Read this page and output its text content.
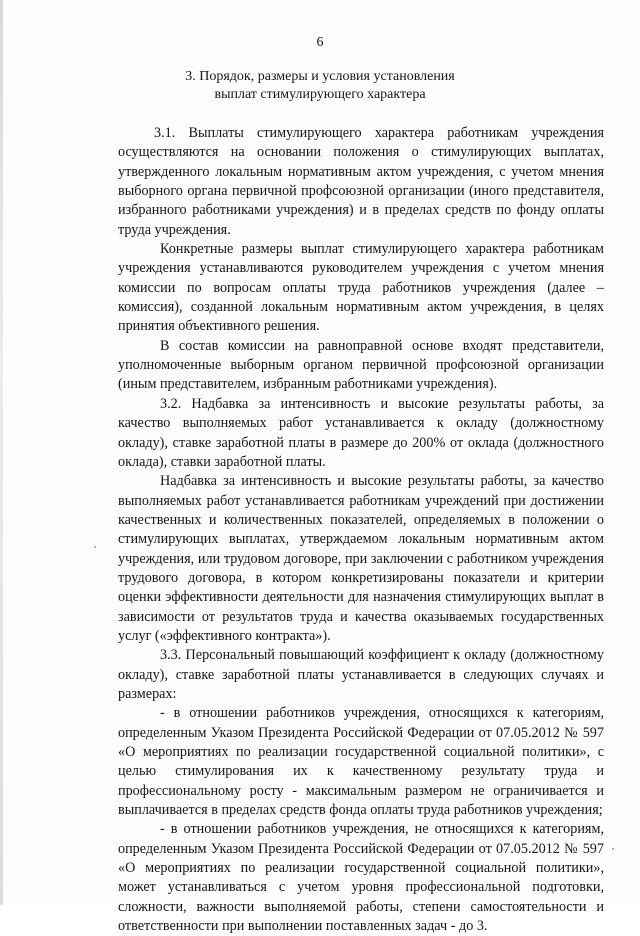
6
3. Порядок, размеры и условия установления
выплат стимулирующего характера

3.1. Выплаты стимулирующего характера работникам учреждения осуществляются на основании положения о стимулирующих выплатах, утвержденного локальным нормативным актом учреждения, с учетом мнения выборного органа первичной профсоюзной организации (иного представителя, избранного работниками учреждения) и в пределах средств по фонду оплаты труда учреждения.

Конкретные размеры выплат стимулирующего характера работникам учреждения устанавливаются руководителем учреждения с учетом мнения комиссии по вопросам оплаты труда работников учреждения (далее – комиссия), созданной локальным нормативным актом учреждения, в целях принятия объективного решения.

В состав комиссии на равноправной основе входят представители, уполномоченные выборным органом первичной профсоюзной организации (иным представителем, избранным работниками учреждения).

3.2. Надбавка за интенсивность и высокие результаты работы, за качество выполняемых работ устанавливается к окладу (должностному окладу), ставке заработной платы в размере до 200% от оклада (должностного оклада), ставки заработной платы.

Надбавка за интенсивность и высокие результаты работы, за качество выполняемых работ устанавливается работникам учреждений при достижении качественных и количественных показателей, определяемых в положении о стимулирующих выплатах, утверждаемом локальным нормативным актом учреждения, или трудовом договоре, при заключении с работником учреждения трудового договора, в котором конкретизированы показатели и критерии оценки эффективности деятельности для назначения стимулирующих выплат в зависимости от результатов труда и качества оказываемых государственных услуг («эффективного контракта»).

3.3. Персональный повышающий коэффициент к окладу (должностному окладу), ставке заработной платы устанавливается в следующих случаях и размерах:

- в отношении работников учреждения, относящихся к категориям, определенным Указом Президента Российской Федерации от 07.05.2012 № 597 «О мероприятиях по реализации государственной социальной политики», с целью стимулирования их к качественному результату труда и профессиональному росту - максимальным размером не ограничивается и выплачивается в пределах средств фонда оплаты труда работников учреждения;

- в отношении работников учреждения, не относящихся к категориям, определенным Указом Президента Российской Федерации от 07.05.2012 № 597 «О мероприятиях по реализации государственной социальной политики», может устанавливаться с учетом уровня профессиональной подготовки, сложности, важности выполняемой работы, степени самостоятельности и ответственности при выполнении поставленных задач - до 3.
